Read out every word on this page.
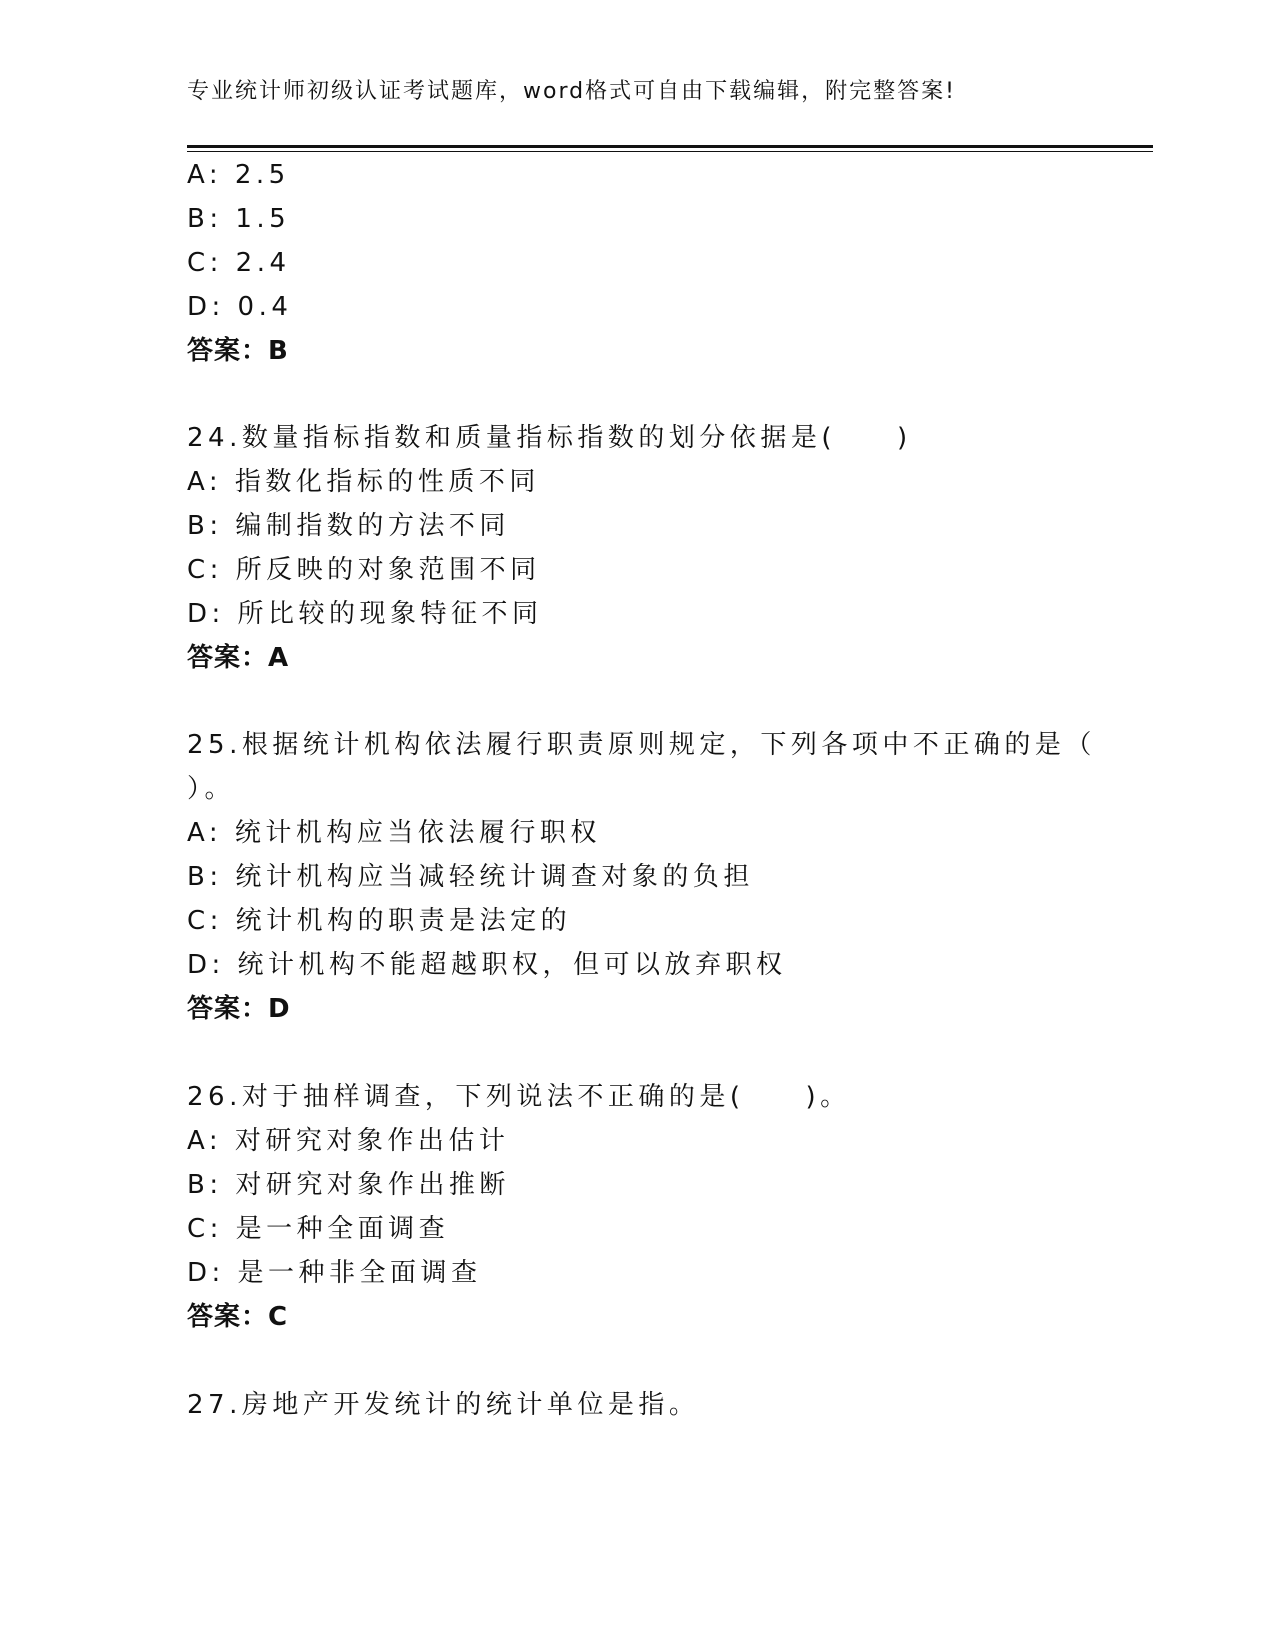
专业统计师初级认证考试题库，word格式可自由下载编辑，附完整答案!
A: 2.5
B: 1.5
C: 2.4
D: 0.4
答案：B
24.数量指标指数和质量指标指数的划分依据是(　　)
A: 指数化指标的性质不同
B: 编制指数的方法不同
C: 所反映的对象范围不同
D: 所比较的现象特征不同
答案：A
25.根据统计机构依法履行职责原则规定，下列各项中不正确的是（
）。
A: 统计机构应当依法履行职权
B: 统计机构应当减轻统计调查对象的负担
C: 统计机构的职责是法定的
D: 统计机构不能超越职权，但可以放弃职权
答案：D
26.对于抽样调查，下列说法不正确的是(　　)。
A: 对研究对象作出估计
B: 对研究对象作出推断
C: 是一种全面调查
D: 是一种非全面调查
答案：C
27.房地产开发统计的统计单位是指。
